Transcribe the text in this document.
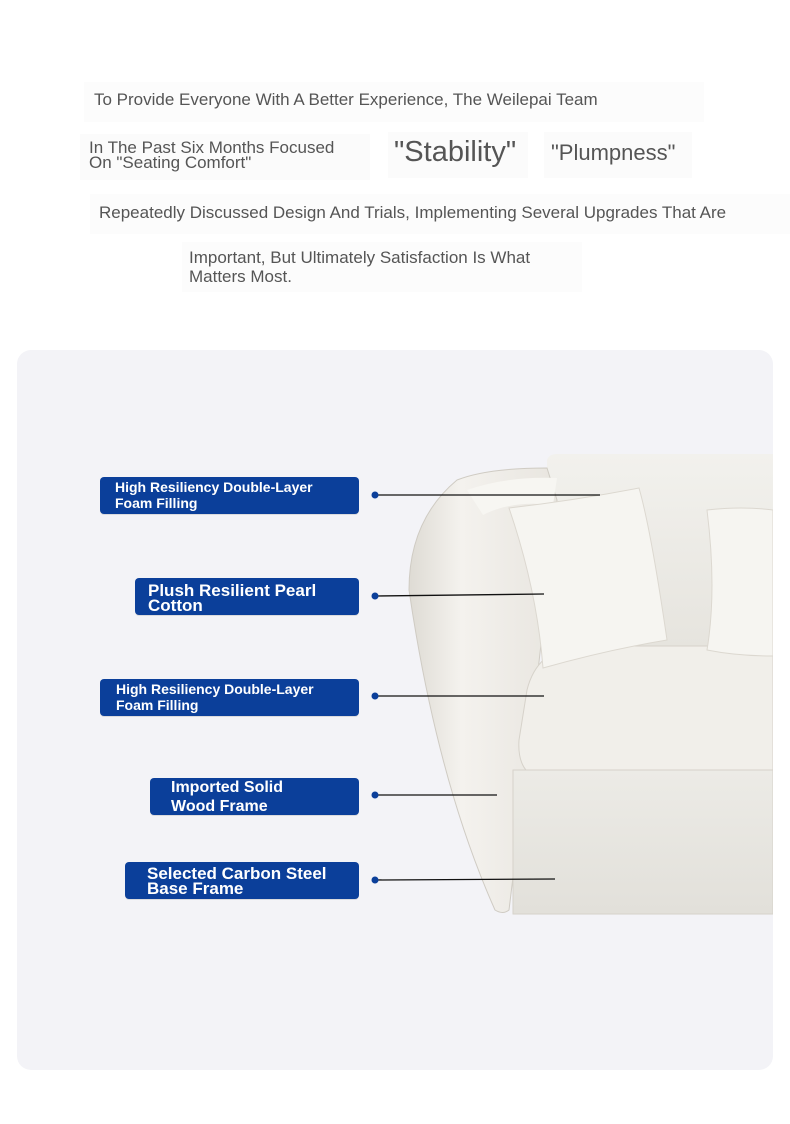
To Provide Everyone With A Better Experience, The Weilepai Team
In The Past Six Months Focused
On "Seating Comfort"	"Stability"	"Plumpness"
Repeatedly Discussed Design And Trials, Implementing Several Upgrades That Are
Important, But Ultimately Satisfaction Is What
Matters Most.
High Resiliency Double-Layer
Foam Filling
Plush Resilient Pearl
Cotton
High Resiliency Double-Layer
Foam Filling
Imported Solid
Wood Frame
Selected Carbon Steel
Base Frame
